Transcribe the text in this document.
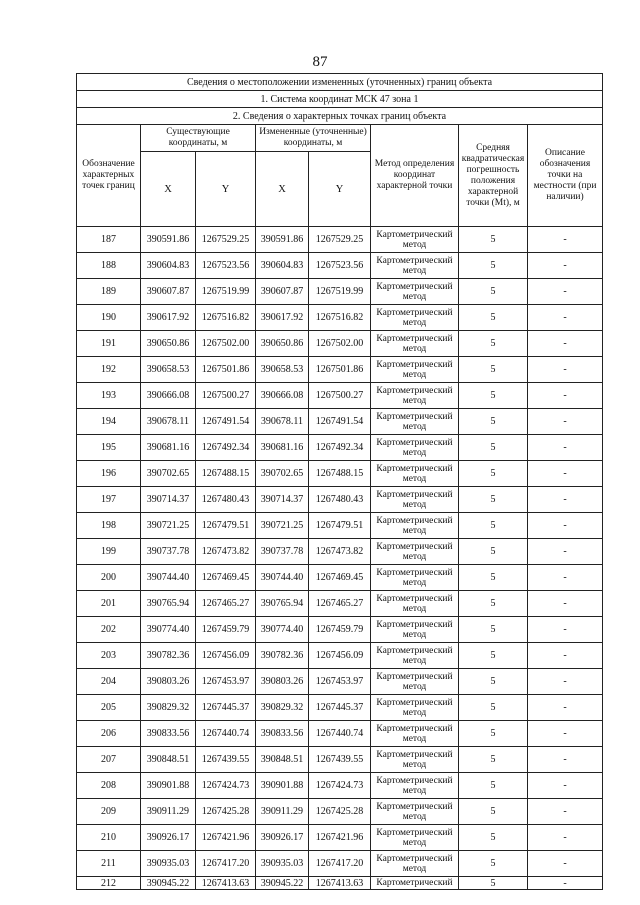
87
Сведения о местоположении измененных (уточненных) границ объекта							
1. Система координат МСК 47 зона 1							
2. Сведения о характерных точках границ объекта							
Обозначение характерных точек границ	Существующие координаты, м		Измененные (уточненные) координаты, м		Метод определения координат характерной точки	Средняя квадратическая погрешность положения характерной точки (Mt), м	Описание обозначения точки на местности (при наличии)
	X	Y	X	Y			
187	390591.86	1267529.25	390591.86	1267529.25	Картометрический метод	5	-
188	390604.83	1267523.56	390604.83	1267523.56	Картометрический метод	5	-
189	390607.87	1267519.99	390607.87	1267519.99	Картометрический метод	5	-
190	390617.92	1267516.82	390617.92	1267516.82	Картометрический метод	5	-
191	390650.86	1267502.00	390650.86	1267502.00	Картометрический метод	5	-
192	390658.53	1267501.86	390658.53	1267501.86	Картометрический метод	5	-
193	390666.08	1267500.27	390666.08	1267500.27	Картометрический метод	5	-
194	390678.11	1267491.54	390678.11	1267491.54	Картометрический метод	5	-
195	390681.16	1267492.34	390681.16	1267492.34	Картометрический метод	5	-
196	390702.65	1267488.15	390702.65	1267488.15	Картометрический метод	5	-
197	390714.37	1267480.43	390714.37	1267480.43	Картометрический метод	5	-
198	390721.25	1267479.51	390721.25	1267479.51	Картометрический метод	5	-
199	390737.78	1267473.82	390737.78	1267473.82	Картометрический метод	5	-
200	390744.40	1267469.45	390744.40	1267469.45	Картометрический метод	5	-
201	390765.94	1267465.27	390765.94	1267465.27	Картометрический метод	5	-
202	390774.40	1267459.79	390774.40	1267459.79	Картометрический метод	5	-
203	390782.36	1267456.09	390782.36	1267456.09	Картометрический метод	5	-
204	390803.26	1267453.97	390803.26	1267453.97	Картометрический метод	5	-
205	390829.32	1267445.37	390829.32	1267445.37	Картометрический метод	5	-
206	390833.56	1267440.74	390833.56	1267440.74	Картометрический метод	5	-
207	390848.51	1267439.55	390848.51	1267439.55	Картометрический метод	5	-
208	390901.88	1267424.73	390901.88	1267424.73	Картометрический метод	5	-
209	390911.29	1267425.28	390911.29	1267425.28	Картометрический метод	5	-
210	390926.17	1267421.96	390926.17	1267421.96	Картометрический метод	5	-
211	390935.03	1267417.20	390935.03	1267417.20	Картометрический метод	5	-
212	390945.22	1267413.63	390945.22	1267413.63	Картометрический	5	-
